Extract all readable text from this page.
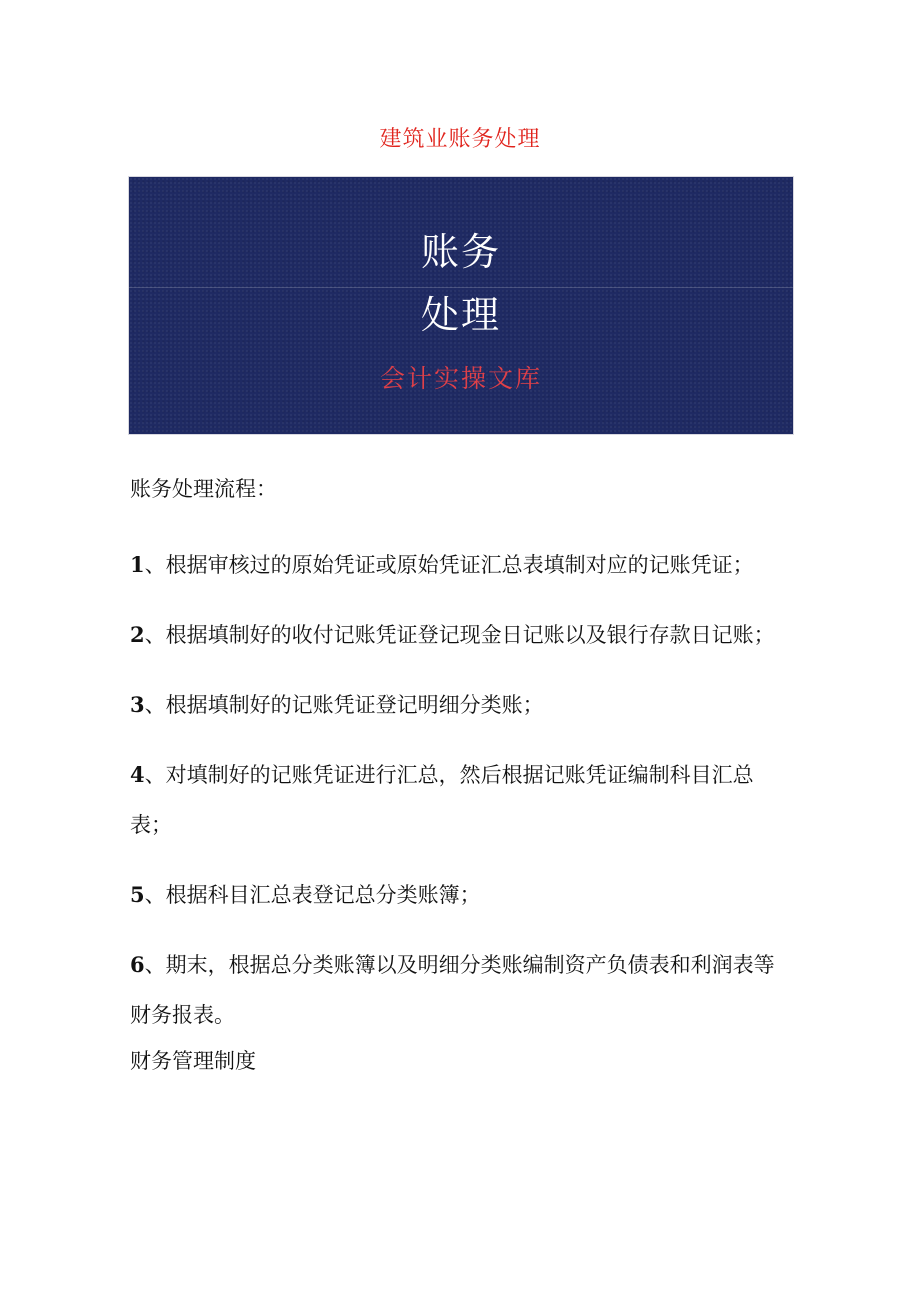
建筑业账务处理
账务
处理
会计实操文库

账务处理流程：

1、根据审核过的原始凭证或原始凭证汇总表填制对应的记账凭证；

2、根据填制好的收付记账凭证登记现金日记账以及银行存款日记账；

3、根据填制好的记账凭证登记明细分类账；

4、对填制好的记账凭证进行汇总，然后根据记账凭证编制科目汇总表；

5、根据科目汇总表登记总分类账簿；

6、期末，根据总分类账簿以及明细分类账编制资产负债表和利润表等财务报表。

财务管理制度
